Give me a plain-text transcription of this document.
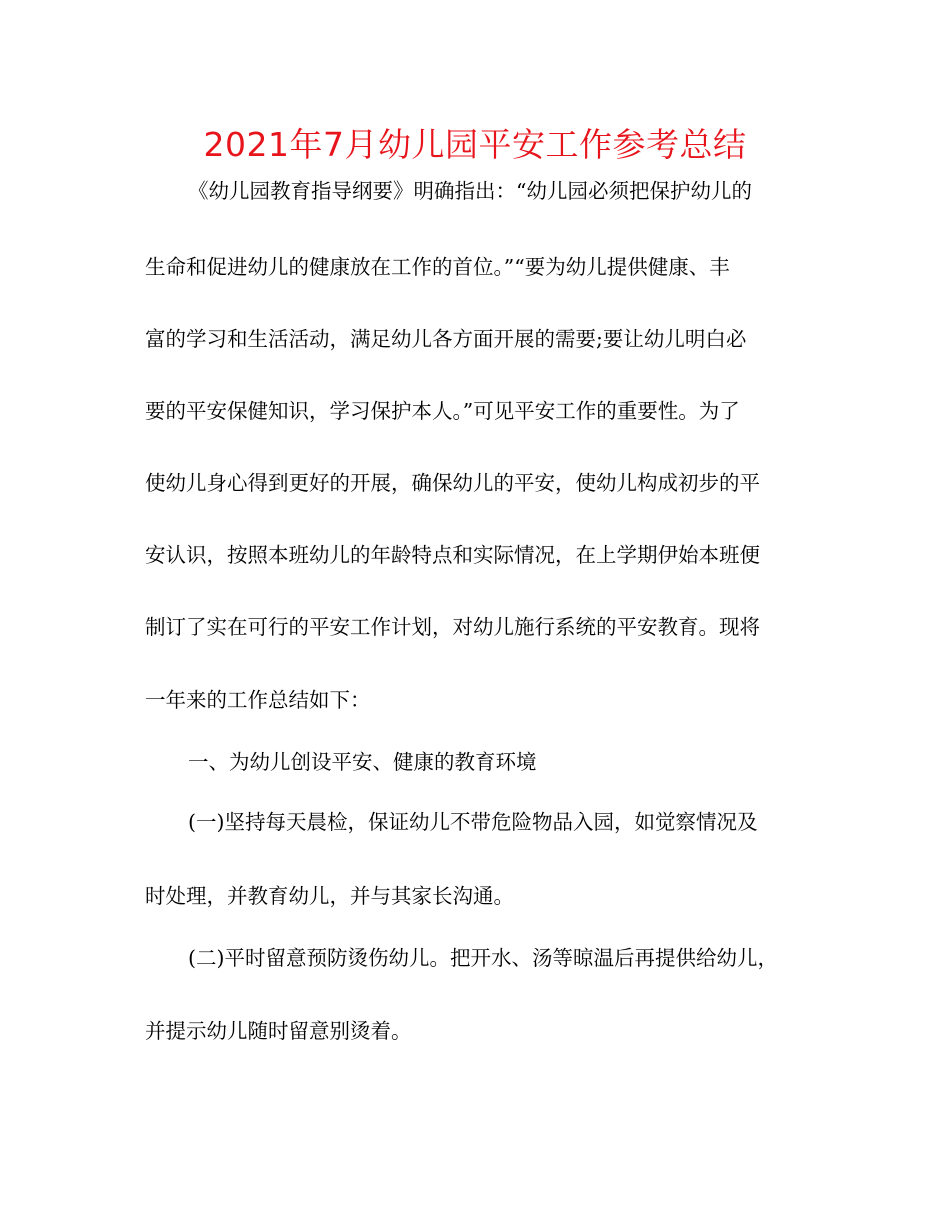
2021年7月幼儿园平安工作参考总结

《幼儿园教育指导纲要》明确指出：“幼儿园必须把保护幼儿的

生命和促进幼儿的健康放在工作的首位。”“要为幼儿提供健康、丰

富的学习和生活活动，满足幼儿各方面开展的需要;要让幼儿明白必

要的平安保健知识，学习保护本人。”可见平安工作的重要性。为了

使幼儿身心得到更好的开展，确保幼儿的平安，使幼儿构成初步的平

安认识，按照本班幼儿的年龄特点和实际情况，在上学期伊始本班便

制订了实在可行的平安工作计划，对幼儿施行系统的平安教育。现将

一年来的工作总结如下：

一、为幼儿创设平安、健康的教育环境

(一)坚持每天晨检，保证幼儿不带危险物品入园，如觉察情况及

时处理，并教育幼儿，并与其家长沟通。

(二)平时留意预防烫伤幼儿。把开水、汤等晾温后再提供给幼儿，

并提示幼儿随时留意别烫着。
